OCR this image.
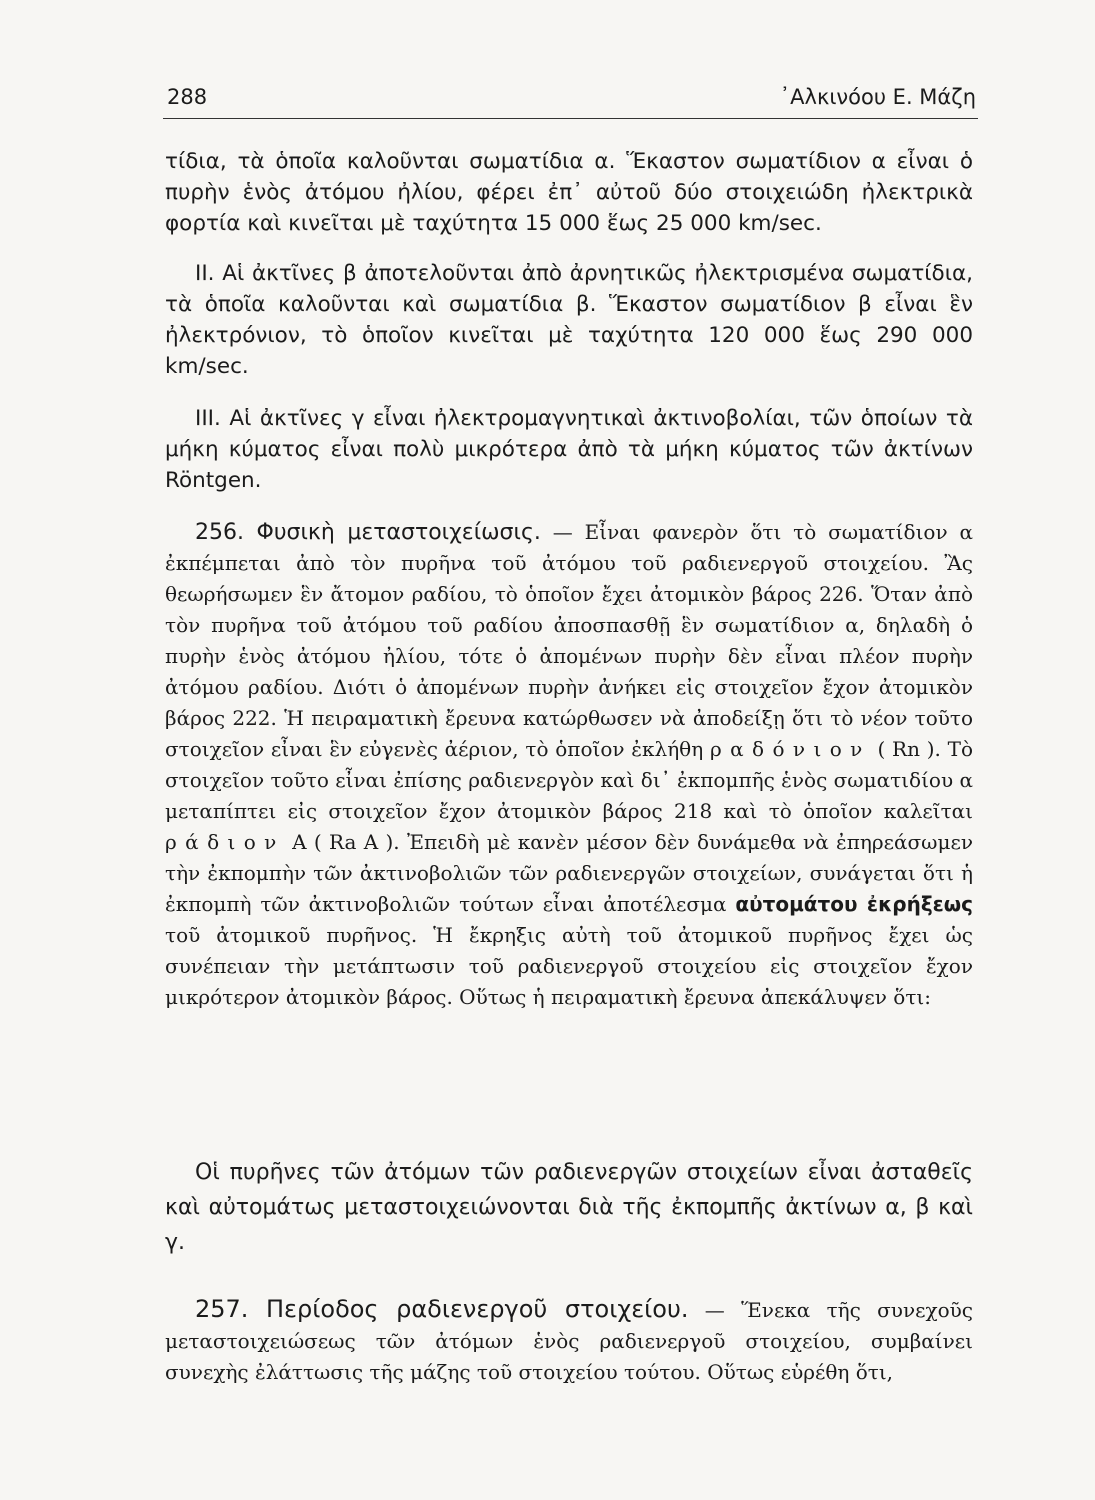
288	᾿Αλκινόου Ε. Μάζη

τίδια, τὰ ὁποῖα καλοῦνται σωματίδια α. Ἕκαστον σωματίδιον α εἶναι ὁ πυρὴν ἑνὸς ἀτόμου ἠλίου, φέρει ἐπ᾿ αὐτοῦ δύο στοιχειώδη ἠλεκτρικὰ φορτία καὶ κινεῖται μὲ ταχύτητα 15 000 ἕως 25 000 km/sec.

ΙΙ. Αἱ ἀκτῖνες β ἀποτελοῦνται ἀπὸ ἀρνητικῶς ἠλεκτρισμένα σωματίδια, τὰ ὁποῖα καλοῦνται καὶ σωματίδια β. Ἕκαστον σωματίδιον β εἶναι ἓν ἠλεκτρόνιον, τὸ ὁποῖον κινεῖται μὲ ταχύτητα 120 000 ἕως 290 000 km/sec.

ΙΙΙ. Αἱ ἀκτῖνες γ εἶναι ἠλεκτρομαγνητικαὶ ἀκτινοβολίαι, τῶν ὁποίων τὰ μήκη κύματος εἶναι πολὺ μικρότερα ἀπὸ τὰ μήκη κύματος τῶν ἀκτίνων Röntgen.

256. Φυσικὴ μεταστοιχείωσις. — Εἶναι φανερὸν ὅτι τὸ σωματίδιον α ἐκπέμπεται ἀπὸ τὸν πυρῆνα τοῦ ἀτόμου τοῦ ραδιενεργοῦ στοιχείου. Ἂς θεωρήσωμεν ἓν ἄτομον ραδίου, τὸ ὁποῖον ἔχει ἀτομικὸν βάρος 226. Ὅταν ἀπὸ τὸν πυρῆνα τοῦ ἀτόμου τοῦ ραδίου ἀποσπασθῇ ἓν σωματίδιον α, δηλαδὴ ὁ πυρὴν ἑνὸς ἀτόμου ἠλίου, τότε ὁ ἀπομένων πυρὴν δὲν εἶναι πλέον πυρὴν ἀτόμου ραδίου. Διότι ὁ ἀπομένων πυρὴν ἀνήκει εἰς στοιχεῖον ἔχον ἀτομικὸν βάρος 222. Ἡ πειραματικὴ ἔρευνα κατώρθωσεν νὰ ἀποδείξῃ ὅτι τὸ νέον τοῦτο στοιχεῖον εἶναι ἓν εὐγενὲς ἀέριον, τὸ ὁποῖον ἐκλήθη ραδόνιον ( Rn ). Τὸ στοιχεῖον τοῦτο εἶναι ἐπίσης ραδιενεργὸν καὶ δι᾿ ἐκπομπῆς ἑνὸς σωματιδίου α μεταπίπτει εἰς στοιχεῖον ἔχον ἀτομικὸν βάρος 218 καὶ τὸ ὁποῖον καλεῖται ράδιον Α ( Ra A ). Ἐπειδὴ μὲ κανὲν μέσον δὲν δυνάμεθα νὰ ἐπηρεάσωμεν τὴν ἐκπομπὴν τῶν ἀκτινοβολιῶν τῶν ραδιενεργῶν στοιχείων, συνάγεται ὅτι ἡ ἐκπομπὴ τῶν ἀκτινοβολιῶν τούτων εἶναι ἀποτέλεσμα αὐτομάτου ἐκρήξεως τοῦ ἀτομικοῦ πυρῆνος. Ἡ ἔκρηξις αὐτὴ τοῦ ἀτομικοῦ πυρῆνος ἔχει ὡς συνέπειαν τὴν μετάπτωσιν τοῦ ραδιενεργοῦ στοιχείου εἰς στοιχεῖον ἔχον μικρότερον ἀτομικὸν βάρος. Οὕτως ἡ πειραματικὴ ἔρευνα ἀπεκάλυψεν ὅτι:

Οἱ πυρῆνες τῶν ἀτόμων τῶν ραδιενεργῶν στοιχείων εἶναι ἀσταθεῖς καὶ αὐτομάτως μεταστοιχειώνονται διὰ τῆς ἐκπομπῆς ἀκτίνων α, β καὶ γ.

257. Περίοδος ραδιενεργοῦ στοιχείου. — Ἕνεκα τῆς συνεχοῦς μεταστοιχειώσεως τῶν ἀτόμων ἑνὸς ραδιενεργοῦ στοιχείου, συμβαίνει συνεχὴς ἐλάττωσις τῆς μάζης τοῦ στοιχείου τούτου. Οὕτως εὑρέθη ὅτι,
